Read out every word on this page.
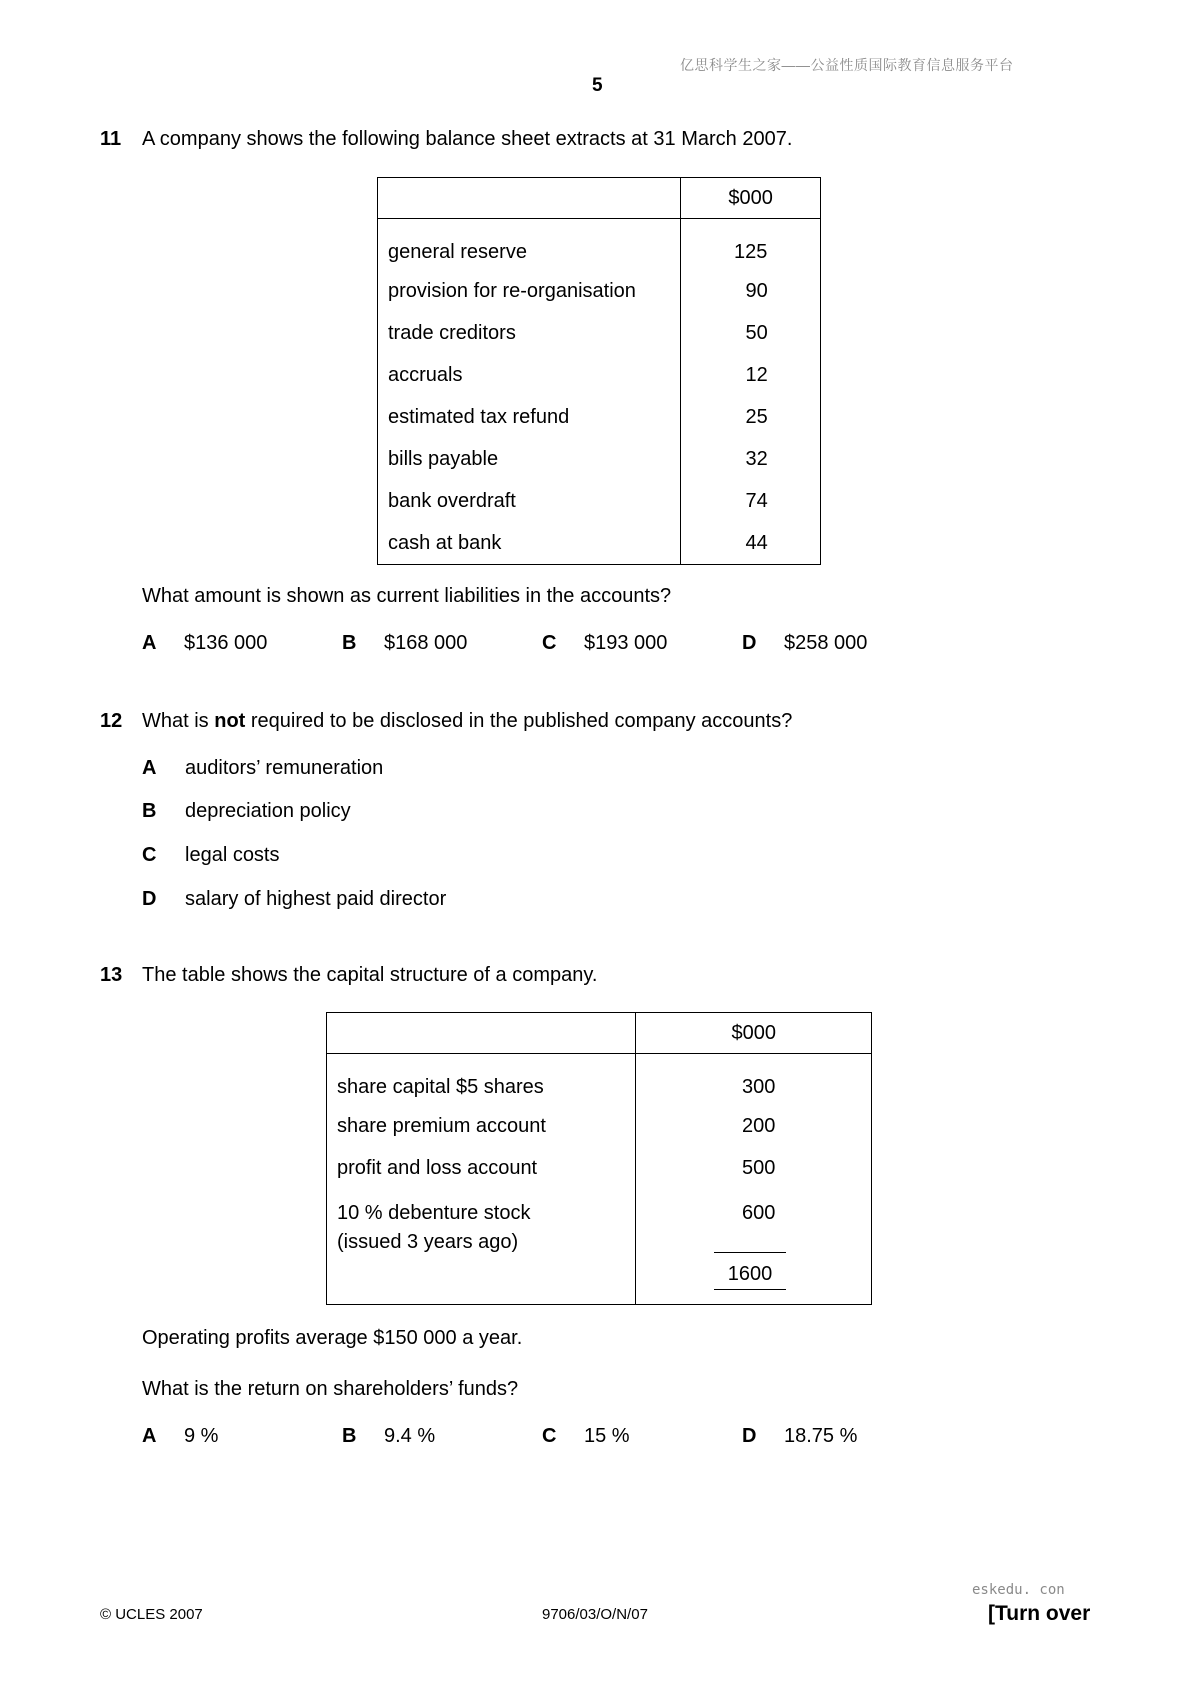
亿思科学生之家——公益性质国际教育信息服务平台
5
11 A company shows the following balance sheet extracts at 31 March 2007.
	$000
general reserve	125
provision for re-organisation	90
trade creditors	50
accruals	12
estimated tax refund	25
bills payable	32
bank overdraft	74
cash at bank	44
What amount is shown as current liabilities in the accounts?
A $136 000	B $168 000	C $193 000	D $258 000
12 What is not required to be disclosed in the published company accounts?
A auditors’ remuneration
B depreciation policy
C legal costs
D salary of highest paid director
13 The table shows the capital structure of a company.
	$000
share capital $5 shares	300
share premium account	200
profit and loss account	500

10 % debenture stock
(issued 3 years ago)	600
1600
Operating profits average $150 000 a year.
What is the return on shareholders’ funds?
A 9 %	B 9.4 %	C 15 %	D 18.75 %
eskedu. con
© UCLES 2007	9706/03/O/N/07	[Turn over
